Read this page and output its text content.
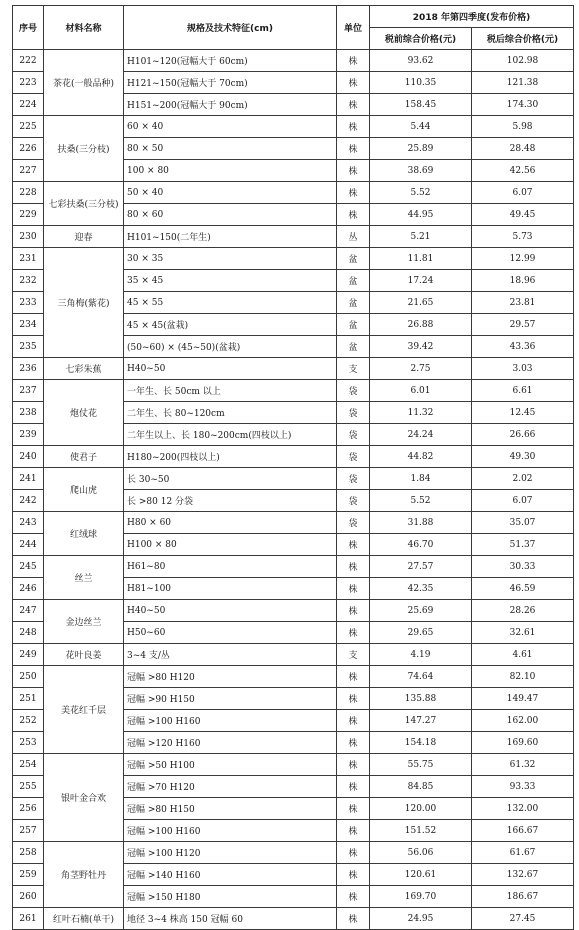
序号	材料名称	规格及技术特征(cm)	单位	2018 年第四季度(发布价格)	
				税前综合价格(元)	税后综合价格(元)
222	茶花(一般品种)	H101~120(冠幅大于 60cm)	株	93.62	102.98
223		H121~150(冠幅大于 70cm)	株	110.35	121.38
224		H151~200(冠幅大于 90cm)	株	158.45	174.30
225	扶桑(三分枝)	60 × 40	株	5.44	5.98
226		80 × 50	株	25.89	28.48
227		100 × 80	株	38.69	42.56
228	七彩扶桑(三分枝)	50 × 40	株	5.52	6.07
229		80 × 60	株	44.95	49.45
230	迎春	H101~150(二年生)	丛	5.21	5.73
231	三角梅(紫花)	30 × 35	盆	11.81	12.99
232		35 × 45	盆	17.24	18.96
233		45 × 55	盆	21.65	23.81
234		45 × 45(盆栽)	盆	26.88	29.57
235		(50~60) × (45~50)(盆栽)	盆	39.42	43.36
236	七彩朱蕉	H40~50	支	2.75	3.03
237	炮仗花	一年生、长 50cm 以上	袋	6.01	6.61
238		二年生、长 80~120cm	袋	11.32	12.45
239		二年生以上、长 180~200cm(四枝以上)	袋	24.24	26.66
240	使君子	H180~200(四枝以上)	袋	44.82	49.30
241	爬山虎	长 30~50	袋	1.84	2.02
242		长 >80 12 分袋	袋	5.52	6.07
243	红绒球	H80 × 60	袋	31.88	35.07
244		H100 × 80	株	46.70	51.37
245	丝兰	H61~80	株	27.57	30.33
246		H81~100	株	42.35	46.59
247	金边丝兰	H40~50	株	25.69	28.26
248		H50~60	株	29.65	32.61
249	花叶良姜	3~4 支/丛	支	4.19	4.61
250	美花红千层	冠幅 >80 H120	株	74.64	82.10
251		冠幅 >90 H150	株	135.88	149.47
252		冠幅 >100 H160	株	147.27	162.00
253		冠幅 >120 H160	株	154.18	169.60
254	银叶金合欢	冠幅 >50 H100	株	55.75	61.32
255		冠幅 >70 H120	株	84.85	93.33
256		冠幅 >80 H150	株	120.00	132.00
257		冠幅 >100 H160	株	151.52	166.67
258	角茎野牡丹	冠幅 >100 H120	株	56.06	61.67
259		冠幅 >140 H160	株	120.61	132.67
260		冠幅 >150 H180	株	169.70	186.67
261	红叶石楠(单干)	地径 3~4 株高 150 冠幅 60	株	24.95	27.45
